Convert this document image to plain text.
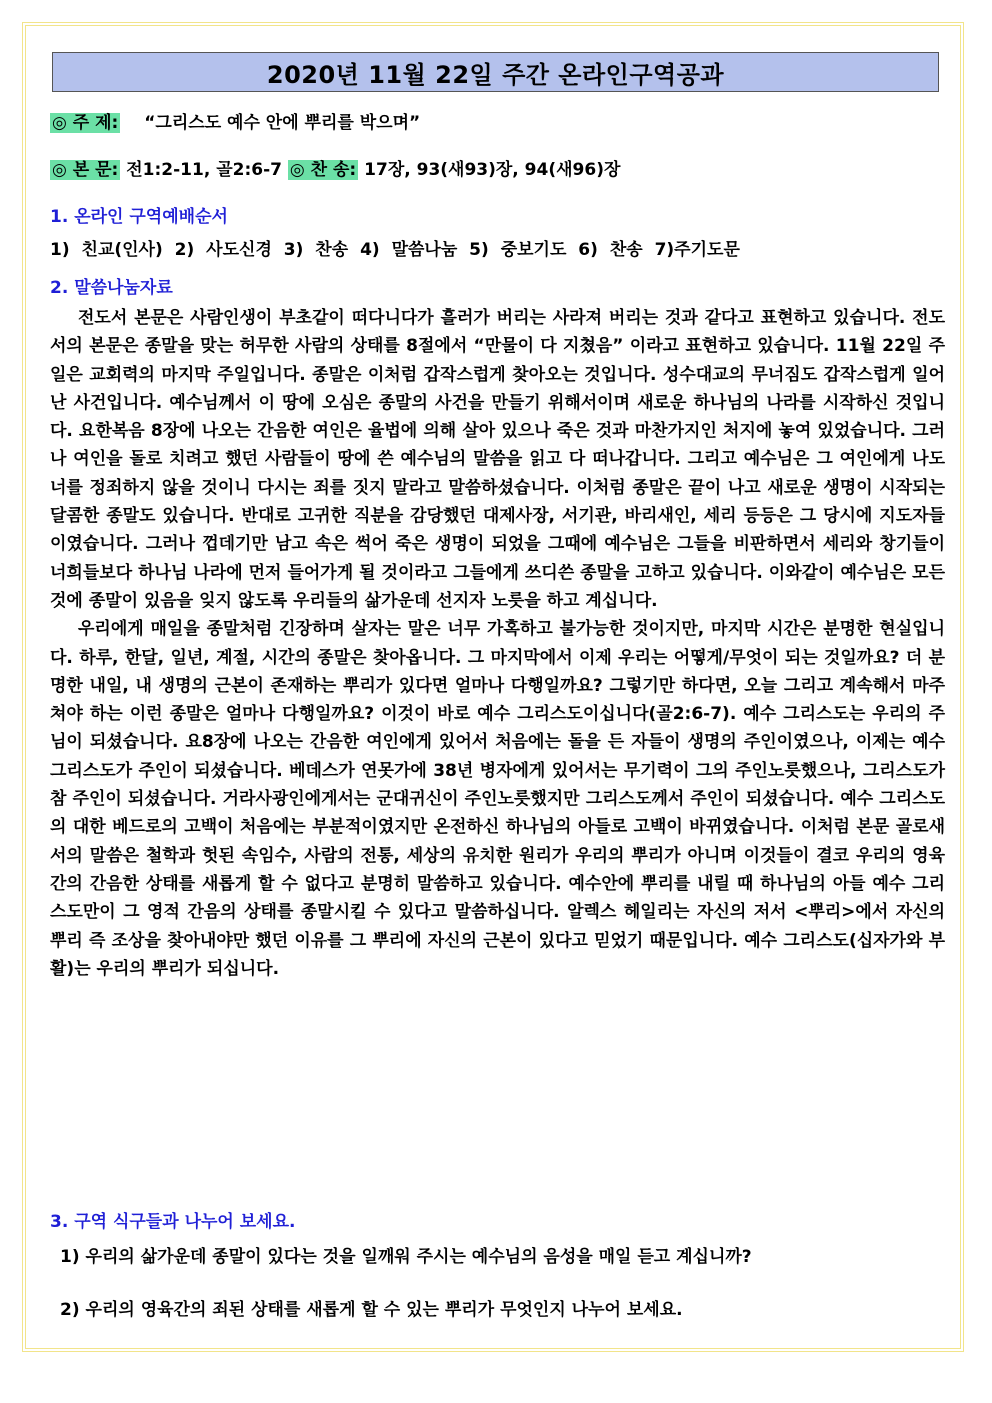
2020년 11월 22일 주간 온라인구역공과
◎ 주 제: “그리스도 예수 안에 뿌리를 박으며”
◎ 본 문: 전1:2-11, 골2:6-7 ◎ 찬 송: 17장, 93(새93)장, 94(새96)장
1. 온라인 구역예배순서
1) 친교(인사) 2) 사도신경 3) 찬송 4) 말씀나눔 5) 중보기도 6) 찬송 7)주기도문
2. 말씀나눔자료

전도서 본문은 사람인생이 부초같이 떠다니다가 흘러가 버리는 사라져 버리는 것과 같다고 표현하고 있습니다. 전도서의 본문은 종말을 맞는 허무한 사람의 상태를 8절에서 “만물이 다 지쳤음” 이라고 표현하고 있습니다. 11월 22일 주일은 교회력의 마지막 주일입니다. 종말은 이처럼 갑작스럽게 찾아오는 것입니다. 성수대교의 무너짐도 갑작스럽게 일어난 사건입니다. 예수님께서 이 땅에 오심은 종말의 사건을 만들기 위해서이며 새로운 하나님의 나라를 시작하신 것입니다. 요한복음 8장에 나오는 간음한 여인은 율법에 의해 살아 있으나 죽은 것과 마찬가지인 처지에 놓여 있었습니다. 그러나 여인을 돌로 치려고 했던 사람들이 땅에 쓴 예수님의 말씀을 읽고 다 떠나갑니다. 그리고 예수님은 그 여인에게 나도 너를 정죄하지 않을 것이니 다시는 죄를 짓지 말라고 말씀하셨습니다. 이처럼 종말은 끝이 나고 새로운 생명이 시작되는 달콤한 종말도 있습니다. 반대로 고귀한 직분을 감당했던 대제사장, 서기관, 바리새인, 세리 등등은 그 당시에 지도자들이였습니다. 그러나 껍데기만 남고 속은 썩어 죽은 생명이 되었을 그때에 예수님은 그들을 비판하면서 세리와 창기들이 너희들보다 하나님 나라에 먼저 들어가게 될 것이라고 그들에게 쓰디쓴 종말을 고하고 있습니다. 이와같이 예수님은 모든 것에 종말이 있음을 잊지 않도록 우리들의 삶가운데 선지자 노릇을 하고 계십니다.

우리에게 매일을 종말처럼 긴장하며 살자는 말은 너무 가혹하고 불가능한 것이지만, 마지막 시간은 분명한 현실입니다. 하루, 한달, 일년, 계절, 시간의 종말은 찾아옵니다. 그 마지막에서 이제 우리는 어떻게/무엇이 되는 것일까요? 더 분명한 내일, 내 생명의 근본이 존재하는 뿌리가 있다면 얼마나 다행일까요? 그렇기만 하다면, 오늘 그리고 계속해서 마주쳐야 하는 이런 종말은 얼마나 다행일까요? 이것이 바로 예수 그리스도이십니다(골2:6-7). 예수 그리스도는 우리의 주님이 되셨습니다. 요8장에 나오는 간음한 여인에게 있어서 처음에는 돌을 든 자들이 생명의 주인이였으나, 이제는 예수 그리스도가 주인이 되셨습니다. 베데스가 연못가에 38년 병자에게 있어서는 무기력이 그의 주인노릇했으나, 그리스도가 참 주인이 되셨습니다. 거라사광인에게서는 군대귀신이 주인노릇했지만 그리스도께서 주인이 되셨습니다. 예수 그리스도의 대한 베드로의 고백이 처음에는 부분적이였지만 온전하신 하나님의 아들로 고백이 바뀌였습니다. 이처럼 본문 골로새서의 말씀은 철학과 헛된 속임수, 사람의 전통, 세상의 유치한 원리가 우리의 뿌리가 아니며 이것들이 결코 우리의 영육간의 간음한 상태를 새롭게 할 수 없다고 분명히 말씀하고 있습니다. 예수안에 뿌리를 내릴 때 하나님의 아들 예수 그리스도만이 그 영적 간음의 상태를 종말시킬 수 있다고 말씀하십니다. 알렉스 헤일리는 자신의 저서 <뿌리>에서 자신의 뿌리 즉 조상을 찾아내야만 했던 이유를 그 뿌리에 자신의 근본이 있다고 믿었기 때문입니다. 예수 그리스도(십자가와 부활)는 우리의 뿌리가 되십니다.

3. 구역 식구들과 나누어 보세요.
1) 우리의 삶가운데 종말이 있다는 것을 일깨워 주시는 예수님의 음성을 매일 듣고 계십니까?
2) 우리의 영육간의 죄된 상태를 새롭게 할 수 있는 뿌리가 무엇인지 나누어 보세요.
